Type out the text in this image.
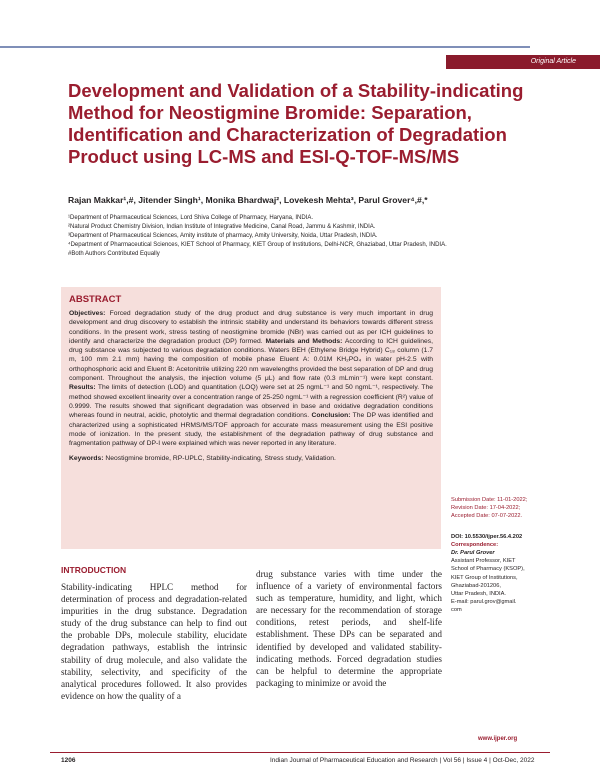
Original Article
Development and Validation of a Stability-indicating Method for Neostigmine Bromide: Separation, Identification and Characterization of Degradation Product using LC-MS and ESI-Q-TOF-MS/MS
Rajan Makkar¹,#, Jitender Singh¹, Monika Bhardwaj², Lovekesh Mehta³, Parul Grover⁴,#,*
¹Department of Pharmaceutical Sciences, Lord Shiva College of Pharmacy, Haryana, INDIA.
²Natural Product Chemistry Division, Indian Institute of Integrative Medicine, Canal Road, Jammu & Kashmir, INDIA.
³Department of Pharmaceutical Sciences, Amity institute of pharmacy, Amity University, Noida, Uttar Pradesh, INDIA.
⁴Department of Pharmaceutical Sciences, KIET School of Pharmacy, KIET Group of Institutions, Delhi-NCR, Ghaziabad, Uttar Pradesh, INDIA.
#Both Authors Contributed Equally
ABSTRACT
Objectives: Forced degradation study of the drug product and drug substance is very much important in drug development and drug discovery to establish the intrinsic stability and understand its behaviors towards different stress conditions. In the present work, stress testing of neostigmine bromide (NBr) was carried out as per ICH guidelines to identify and characterize the degradation product (DP) formed. Materials and Methods: According to ICH guidelines, drug substance was subjected to various degradation conditions. Waters BEH (Ethylene Bridge Hybrid) C₁₈ column (1.7 m, 100 mm 2.1 mm) having the composition of mobile phase Eluent A: 0.01M KH₂PO₄ in water pH-2.5 with orthophosphoric acid and Eluent B: Acetonitrile utilizing 220 nm wavelengths provided the best separation of DP and drug component. Throughout the analysis, the injection volume (5 μL) and flow rate (0.3 mLmin⁻¹) were kept constant. Results: The limits of detection (LOD) and quantitation (LOQ) were set at 25 ngmL⁻¹ and 50 ngmL⁻¹, respectively. The method showed excellent linearity over a concentration range of 25-250 ngmL⁻¹ with a regression coefficient (R²) value of 0.9999. The results showed that significant degradation was observed in base and oxidative degradation conditions whereas found in neutral, acidic, photolytic and thermal degradation conditions. Conclusion: The DP was identified and characterized using a sophisticated HRMS/MS/TOF approach for accurate mass measurement using the ESI positive mode of ionization. In the present study, the establishment of the degradation pathway of drug substance and fragmentation pathway of DP-I were explained which was never reported in any literature.
Keywords: Neostigmine bromide, RP-UPLC, Stability-indicating, Stress study, Validation.
Submission Date: 11-01-2022;
Revision Date: 17-04-2022;
Accepted Date: 07-07-2022.
DOI: 10.5530/ijper.56.4.202
Correspondence:
Dr. Parul Grover
Assistant Professor, KIET
School of Pharmacy (KSOP),
KIET Group of Institutions,
Ghaziabad-201206,
Uttar Pradesh, INDIA.
E-mail: parul.grov@gmail.
com
INTRODUCTION
Stability-indicating HPLC method for determination of process and degradation-related impurities in the drug substance. Degradation study of the drug substance can help to find out the probable DPs, molecule stability, elucidate degradation pathways, establish the intrinsic stability of drug molecule, and also validate the stability, selectivity, and specificity of the analytical procedures followed. It also provides evidence on how the quality of a
drug substance varies with time under the influence of a variety of environmental factors such as temperature, humidity, and light, which are necessary for the recommendation of storage conditions, retest periods, and shelf-life establishment. These DPs can be separated and identified by developed and validated stability-indicating methods. Forced degradation studies can be helpful to determine the appropriate packaging to minimize or avoid the
www.ijper.org
1206	Indian Journal of Pharmaceutical Education and Research | Vol 56 | Issue 4 | Oct-Dec, 2022
